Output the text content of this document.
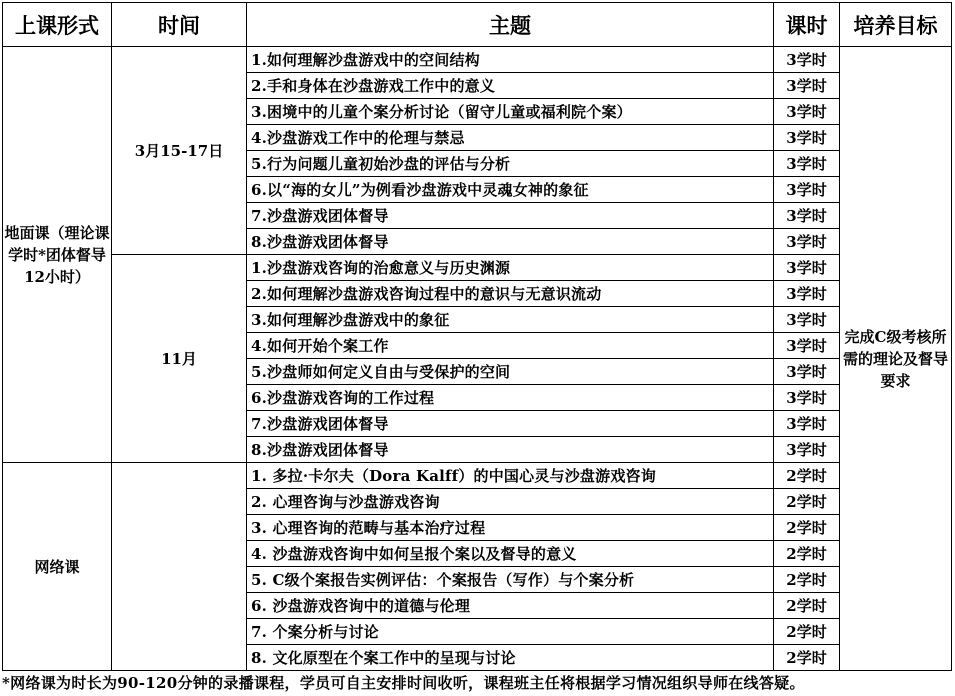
上课形式	时间	主题	课时	培养目标
地面课（理论课学时*团体督导12小时）	3月15-17日	1.如何理解沙盘游戏中的空间结构	3学时	完成C级考核所需的理论及督导要求
		2.手和身体在沙盘游戏工作中的意义	3学时	
		3.困境中的儿童个案分析讨论（留守儿童或福利院个案）	3学时	
		4.沙盘游戏工作中的伦理与禁忌	3学时	
		5.行为问题儿童初始沙盘的评估与分析	3学时	
		6.以“海的女儿”为例看沙盘游戏中灵魂女神的象征	3学时	
		7.沙盘游戏团体督导	3学时	
		8.沙盘游戏团体督导	3学时	
	11月	1.沙盘游戏咨询的治愈意义与历史渊源	3学时	
		2.如何理解沙盘游戏咨询过程中的意识与无意识流动	3学时	
		3.如何理解沙盘游戏中的象征	3学时	
		4.如何开始个案工作	3学时	
		5.沙盘师如何定义自由与受保护的空间	3学时	
		6.沙盘游戏咨询的工作过程	3学时	
		7.沙盘游戏团体督导	3学时	
		8.沙盘游戏团体督导	3学时	
网络课		1. 多拉·卡尔夫（Dora Kalff）的中国心灵与沙盘游戏咨询	2学时	
		2. 心理咨询与沙盘游戏咨询	2学时	
		3. 心理咨询的范畴与基本治疗过程	2学时	
		4. 沙盘游戏咨询中如何呈报个案以及督导的意义	2学时	
		5. C级个案报告实例评估：个案报告（写作）与个案分析	2学时	
		6. 沙盘游戏咨询中的道德与伦理	2学时	
		7. 个案分析与讨论	2学时	
		8. 文化原型在个案工作中的呈现与讨论	2学时	
*网络课为时长为90-120分钟的录播课程，学员可自主安排时间收听，课程班主任将根据学习情况组织导师在线答疑。
